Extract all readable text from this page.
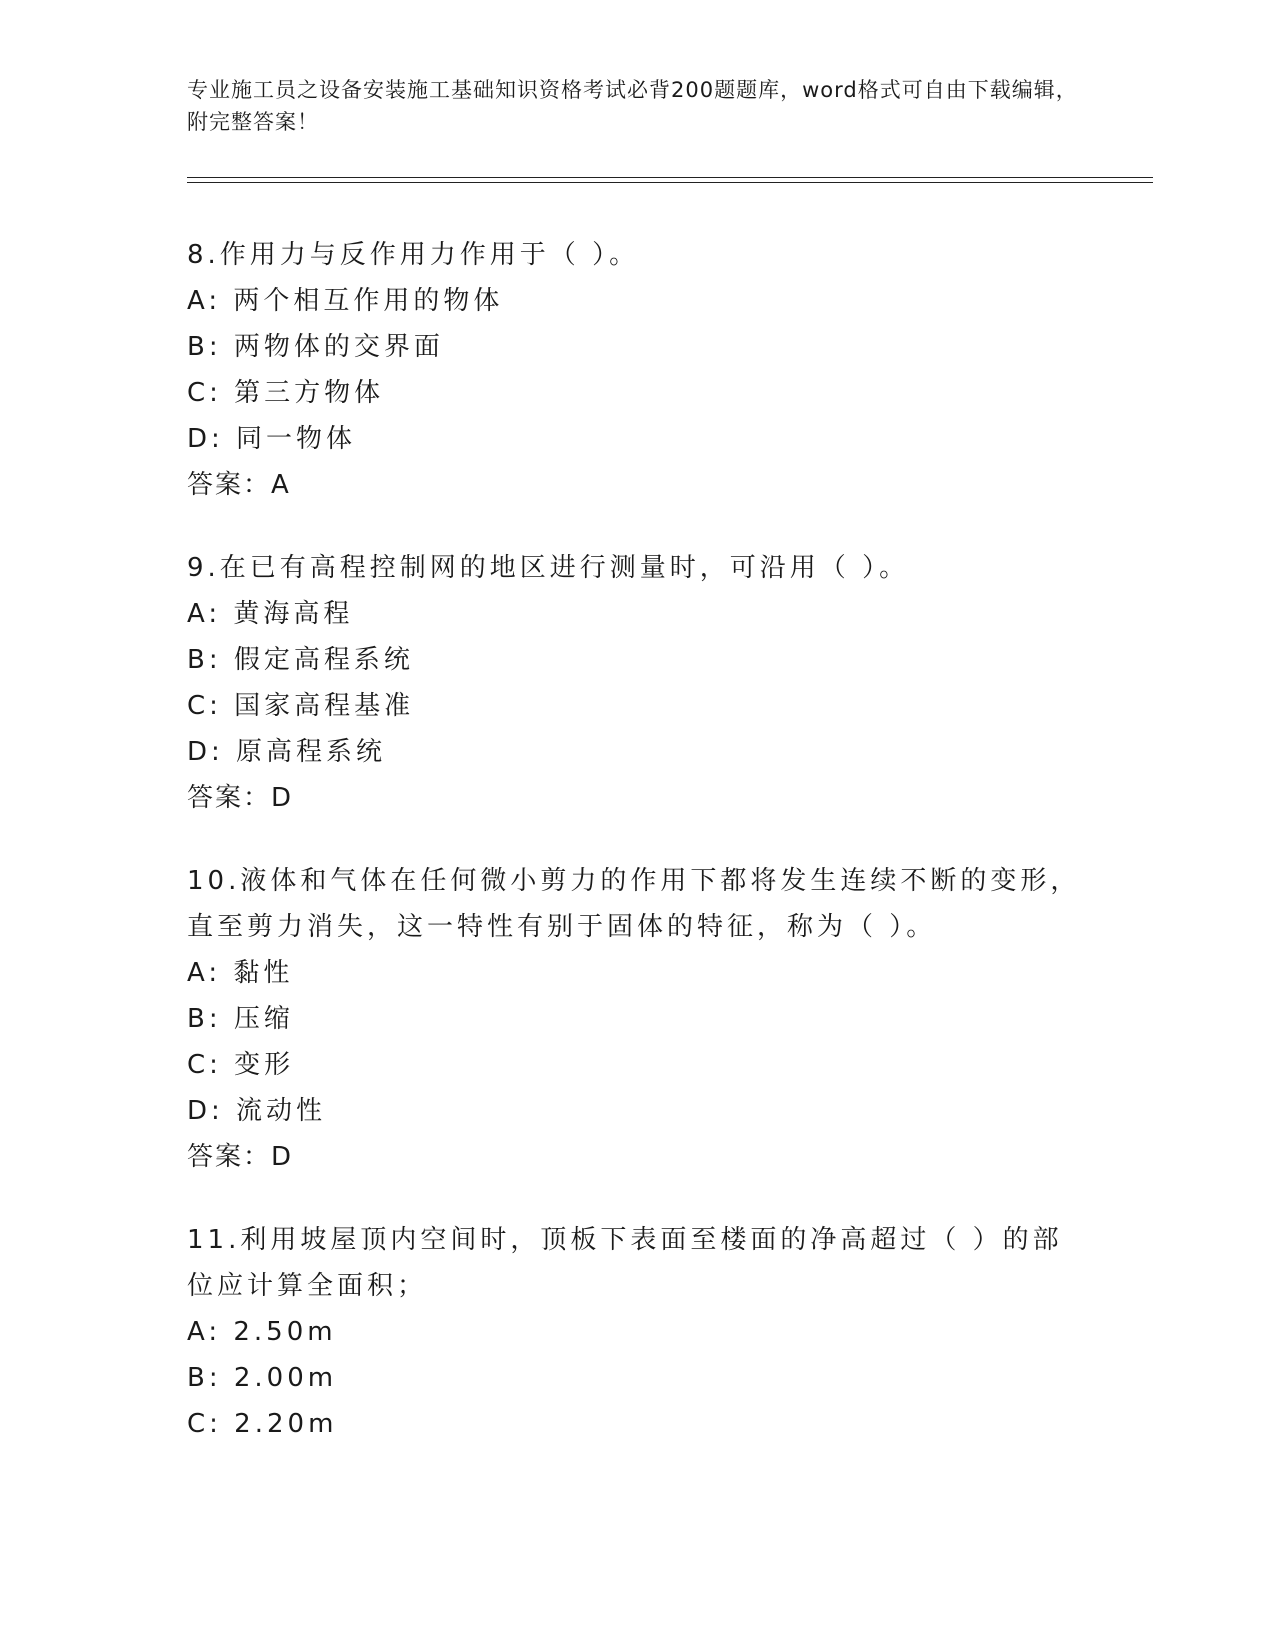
专业施工员之设备安装施工基础知识资格考试必背200题题库，word格式可自由下载编辑，附完整答案！

8.作用力与反作用力作用于（ ）。

A: 两个相互作用的物体

B: 两物体的交界面

C: 第三方物体

D: 同一物体

答案：A

9.在已有高程控制网的地区进行测量时，可沿用（ ）。

A: 黄海高程

B: 假定高程系统

C: 国家高程基准

D: 原高程系统

答案：D

10.液体和气体在任何微小剪力的作用下都将发生连续不断的变形，直至剪力消失，这一特性有别于固体的特征，称为（ ）。

A: 黏性

B: 压缩

C: 变形

D: 流动性

答案：D

11.利用坡屋顶内空间时，顶板下表面至楼面的净高超过（ ）的部位应计算全面积；

A: 2.50m

B: 2.00m

C: 2.20m
